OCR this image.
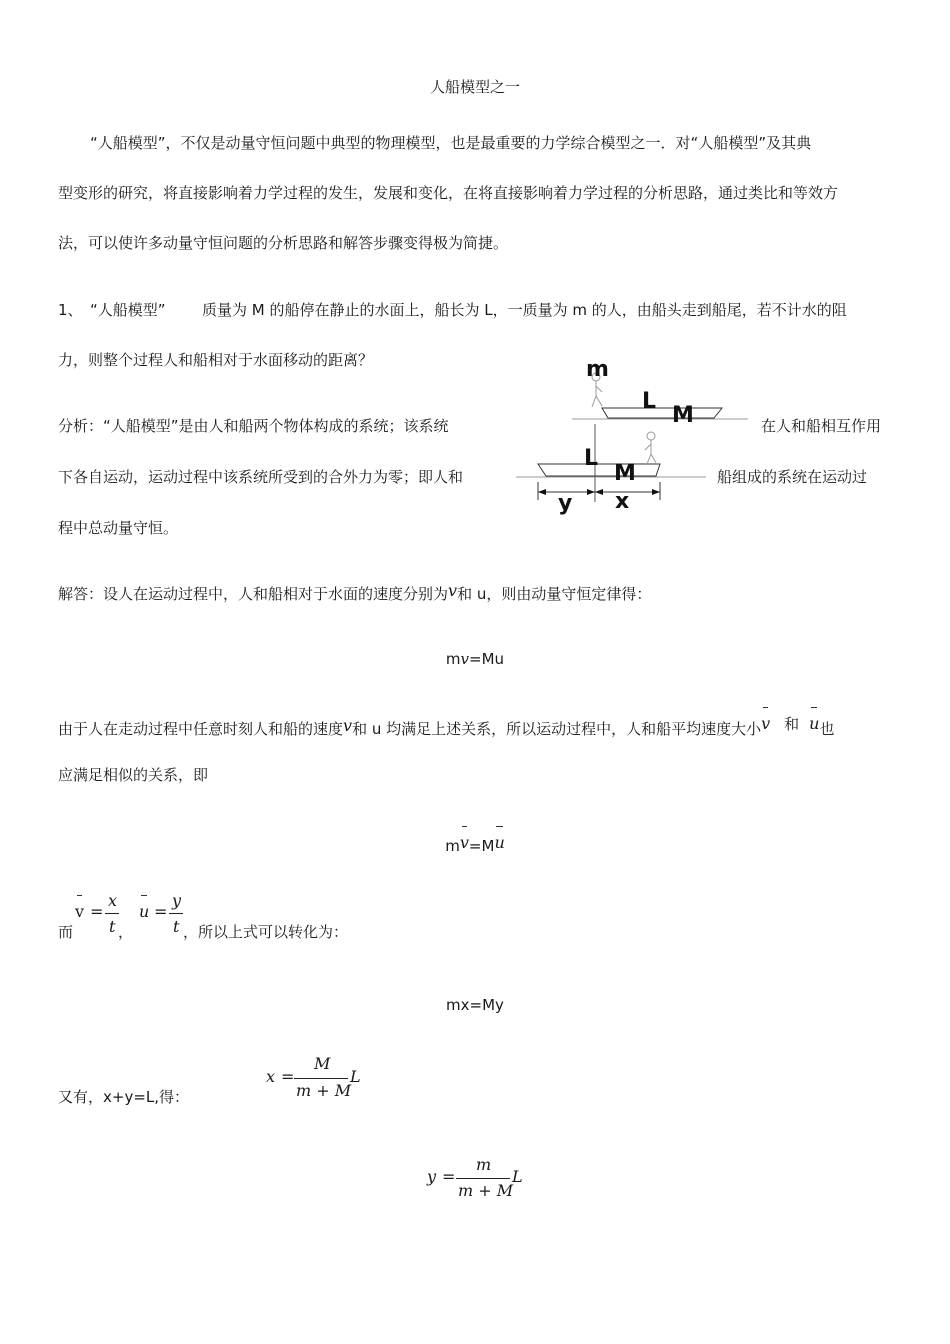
人船模型之一
“人船模型”，不仅是动量守恒问题中典型的物理模型，也是最重要的力学综合模型之一．对“人船模型”及其典
型变形的研究，将直接影响着力学过程的发生，发展和变化，在将直接影响着力学过程的分析思路，通过类比和等效方
法，可以使许多动量守恒问题的分析思路和解答步骤变得极为简捷。
1、 “人船模型” 质量为 M 的船停在静止的水面上，船长为 L，一质量为 m 的人，由船头走到船尾，若不计水的阻
力，则整个过程人和船相对于水面移动的距离？
分析：“人船模型”是由人和船两个物体构成的系统；该系统	在人和船相互作用
下各自运动，运动过程中该系统所受到的合外力为零；即人和	船组成的系统在运动过
程中总动量守恒。
m
L
M
L
M
y x
解答：设人在运动过程中，人和船相对于水面的速度分别为v和 u，则由动量守恒定律得：
mv=Mu
由于人在走动过程中任意时刻人和船的速度v和 u 均满足上述关系，所以运动过程中，人和船平均速度大小v 和 u也
应满足相似的关系，即
mv=Mu
而
v =
x
t ，
u =
y
t ，所以上式可以转化为：
mx=My
又有，x+y=L,得：
x =
M
m + M
L
y =
m
m + M
L
